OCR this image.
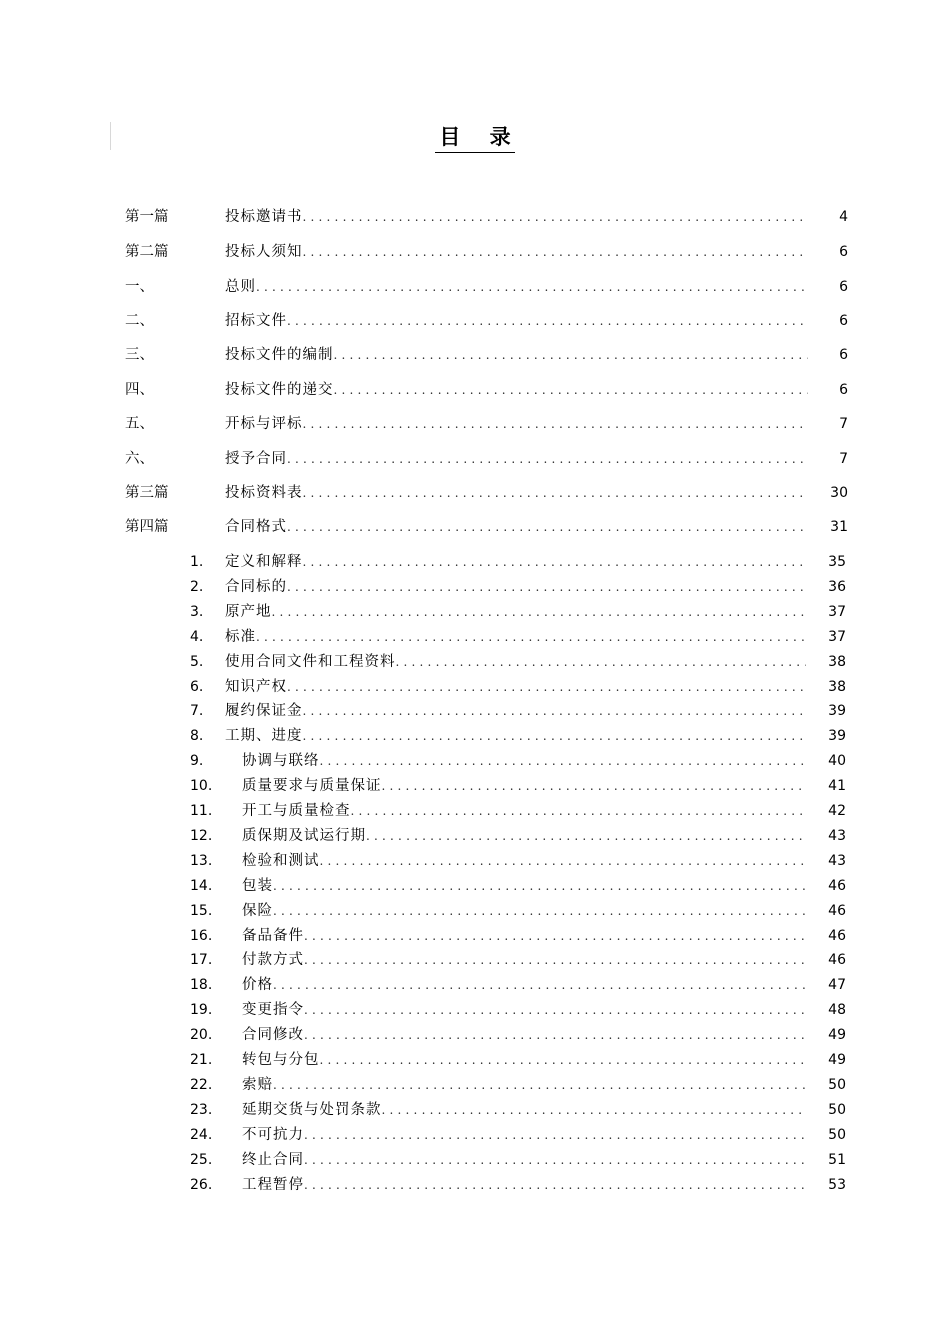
目    录
第一篇	投标邀请书 .....	4
第二篇	投标人须知 .....	6
一、	总则 .....	6
二、	招标文件 .....	6
三、	投标文件的编制 .....	6
四、	投标文件的递交 .....	6
五、	开标与评标 .....	7
六、	授予合同 .....	7
第三篇	投标资料表 .....	30
第四篇	合同格式 .....	31
1. 定义和解释 .....	35
2. 合同标的 .....	36
3. 原产地 .....	37
4. 标准 .....	37
5. 使用合同文件和工程资料 .....	38
6. 知识产权 .....	38
7. 履约保证金 .....	39
8. 工期、进度 .....	39
9.	协调与联络 .....	40
10. 质量要求与质量保证 .....	41
11. 开工与质量检查 .....	42
12. 质保期及试运行期 .....	43
13. 检验和测试 .....	43
14. 包装 .....	46
15. 保险 .....	46
16. 备品备件 .....	46
17. 付款方式 .....	46
18. 价格 .....	47
19. 变更指令 .....	48
20. 合同修改 .....	49
21. 转包与分包 .....	49
22. 索赔 .....	50
23. 延期交货与处罚条款 .....	50
24. 不可抗力 .....	50
25. 终止合同 .....	51
26. 工程暂停 .....	53
